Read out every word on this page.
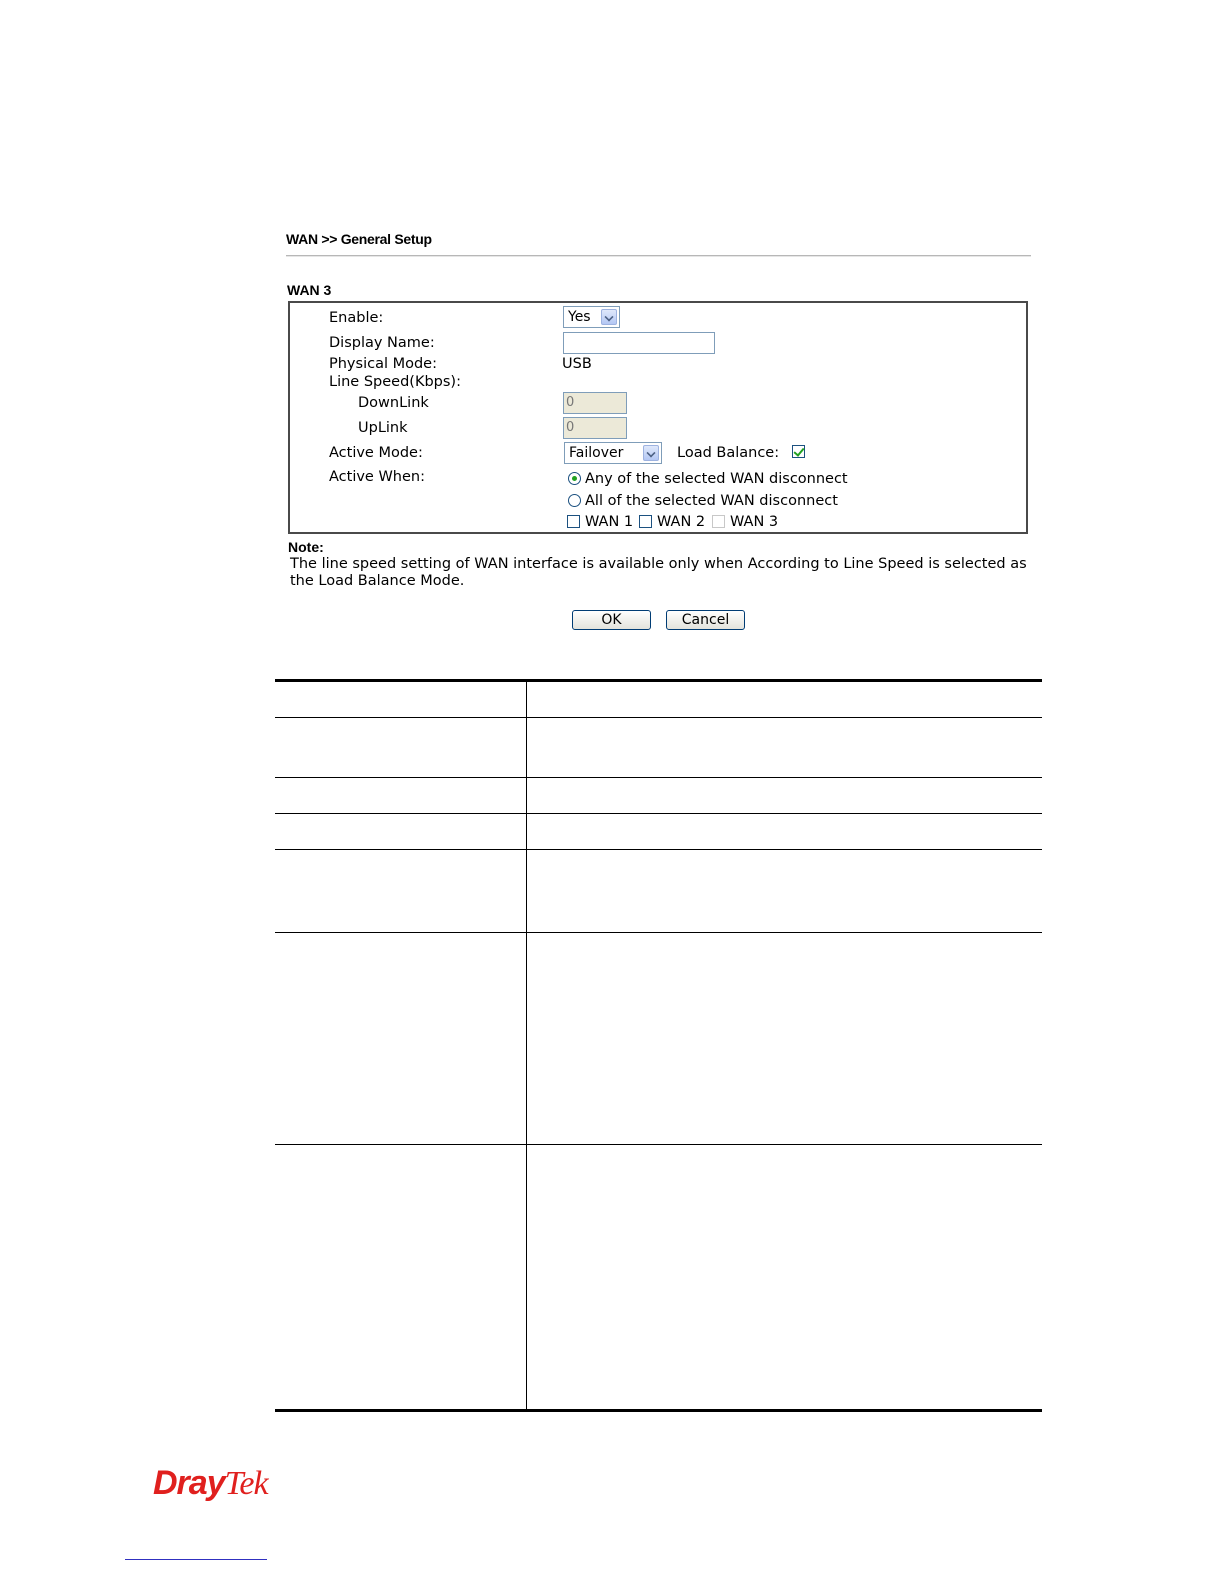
WAN >> General Setup
WAN 3
Enable:	Yes
Display Name:
Physical Mode:	USB
Line Speed(Kbps):
DownLink	0
UpLink	0
Active Mode:	Failover	Load Balance:
Active When:	Any of the selected WAN disconnect
All of the selected WAN disconnect
WAN 1 WAN 2 WAN 3
Note:
The line speed setting of WAN interface is available only when According to Line Speed is selected as the Load Balance Mode.
OK	Cancel
DrayTek
